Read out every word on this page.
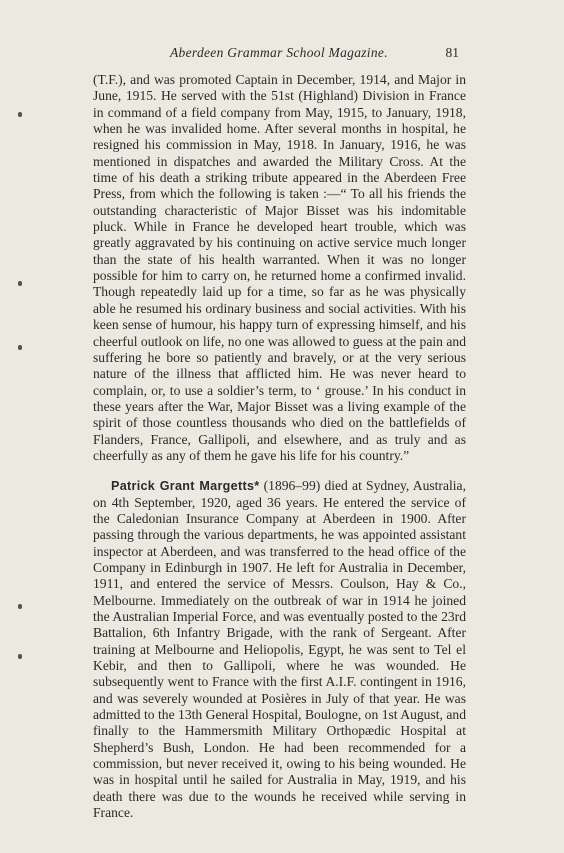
Aberdeen Grammar School Magazine.	81

(T.F.), and was promoted Captain in December, 1914, and Major in June, 1915. He served with the 51st (Highland) Division in France in command of a field company from May, 1915, to January, 1918, when he was invalided home. After several months in hospital, he resigned his commission in May, 1918. In January, 1916, he was mentioned in dispatches and awarded the Military Cross. At the time of his death a striking tribute appeared in the Aberdeen Free Press, from which the following is taken :—“ To all his friends the outstanding characteristic of Major Bisset was his indomitable pluck. While in France he developed heart trouble, which was greatly aggravated by his continuing on active service much longer than the state of his health warranted. When it was no longer possible for him to carry on, he returned home a confirmed invalid. Though repeatedly laid up for a time, so far as he was physically able he resumed his ordinary business and social activities. With his keen sense of humour, his happy turn of expressing himself, and his cheerful outlook on life, no one was allowed to guess at the pain and suffering he bore so patiently and bravely, or at the very serious nature of the illness that afflicted him. He was never heard to complain, or, to use a soldier’s term, to ‘ grouse.’ In his conduct in these years after the War, Major Bisset was a living example of the spirit of those countless thousands who died on the battlefields of Flanders, France, Gallipoli, and elsewhere, and as truly and as cheerfully as any of them he gave his life for his country.”

Patrick Grant Margetts* (1896–99) died at Sydney, Australia, on 4th September, 1920, aged 36 years. He entered the service of the Caledonian Insurance Company at Aberdeen in 1900. After passing through the various departments, he was appointed assistant inspector at Aberdeen, and was transferred to the head office of the Company in Edinburgh in 1907. He left for Australia in December, 1911, and entered the service of Messrs. Coulson, Hay & Co., Melbourne. Immediately on the outbreak of war in 1914 he joined the Australian Imperial Force, and was eventually posted to the 23rd Battalion, 6th Infantry Brigade, with the rank of Sergeant. After training at Melbourne and Heliopolis, Egypt, he was sent to Tel el Kebir, and then to Gallipoli, where he was wounded. He subsequently went to France with the first A.I.F. contingent in 1916, and was severely wounded at Posières in July of that year. He was admitted to the 13th General Hospital, Boulogne, on 1st August, and finally to the Hammersmith Military Orthopædic Hospital at Shepherd’s Bush, London. He had been recommended for a commission, but never received it, owing to his being wounded. He was in hospital until he sailed for Australia in May, 1919, and his death there was due to the wounds he received while serving in France.
